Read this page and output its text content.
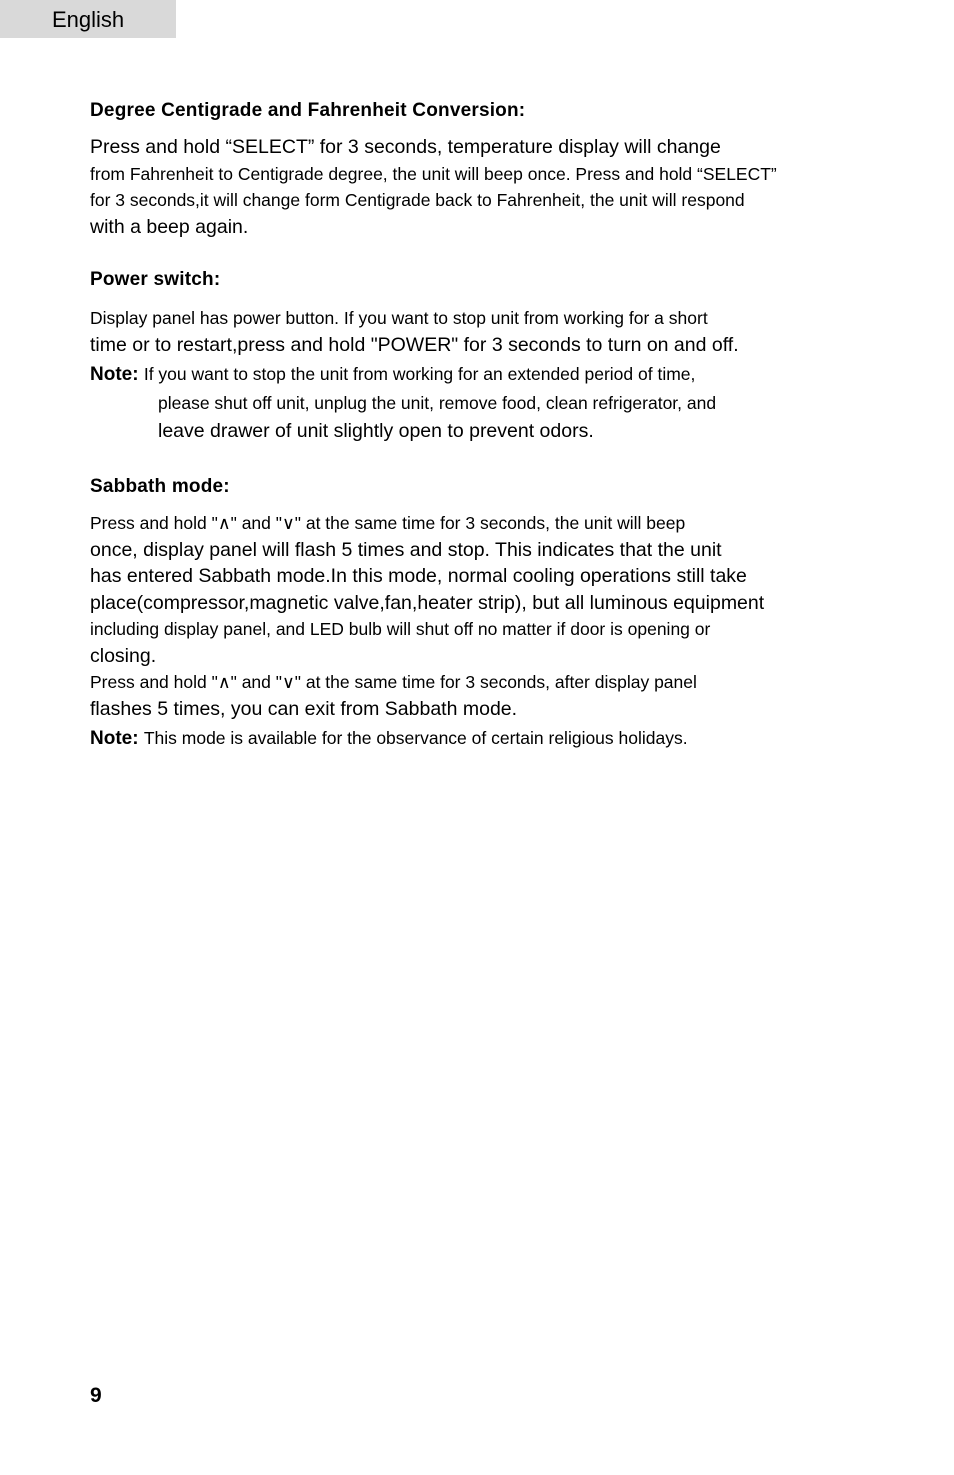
English
Degree Centigrade and Fahrenheit Conversion:
Press and hold “SELECT” for 3 seconds, temperature display will change
from Fahrenheit to Centigrade degree, the unit will beep once. Press and hold “SELECT”
for 3 seconds,it will change form Centigrade back to Fahrenheit, the unit will respond
with a beep again.
Power switch:
Display panel has power button. If you want to stop unit from working for a short
time or to restart,press and hold "POWER" for 3 seconds to turn on and off.
Note: If you want to stop the unit from working for an extended period of time,
please shut off unit, unplug the unit, remove food, clean refrigerator, and
leave drawer of unit slightly open to prevent odors.
Sabbath mode:
Press and hold "∧" and "∨" at the same time for 3 seconds, the unit will beep
once, display panel will flash 5 times and stop. This indicates that the unit
has entered Sabbath mode.In this mode, normal cooling operations still take
place(compressor,magnetic valve,fan,heater strip), but all luminous equipment
including display panel, and LED bulb will shut off no matter if door is opening or
closing.
Press and hold "∧" and "∨" at the same time for 3 seconds, after display panel
flashes 5 times, you can exit from Sabbath mode.
Note: This mode is available for the observance of certain religious holidays.
9
